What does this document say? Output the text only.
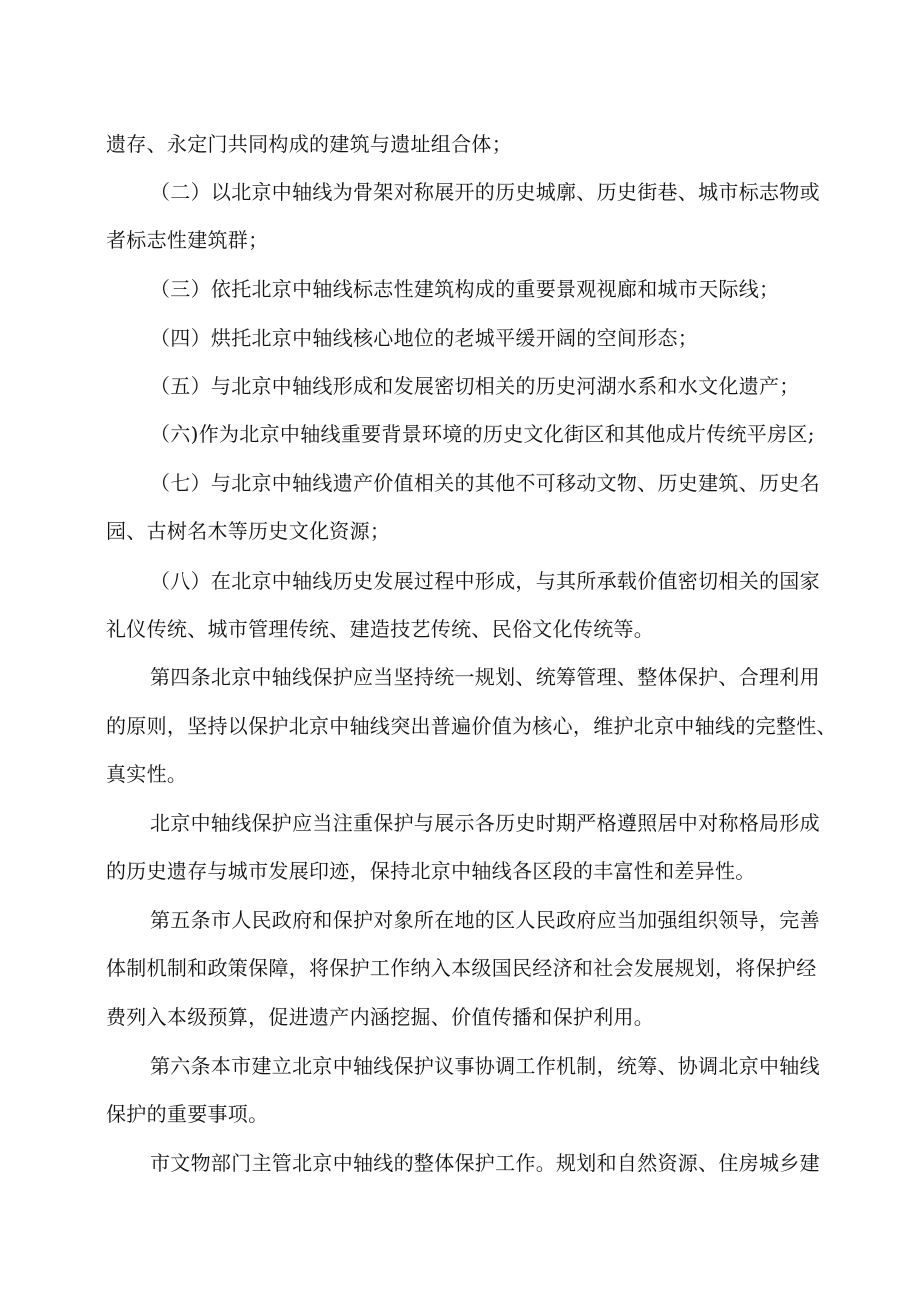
遗存、永定门共同构成的建筑与遗址组合体；
（二）以北京中轴线为骨架对称展开的历史城廓、历史街巷、城市标志物或
者标志性建筑群；
（三）依托北京中轴线标志性建筑构成的重要景观视廊和城市天际线；
（四）烘托北京中轴线核心地位的老城平缓开阔的空间形态；
（五）与北京中轴线形成和发展密切相关的历史河湖水系和水文化遗产；
（六)作为北京中轴线重要背景环境的历史文化街区和其他成片传统平房区;
（七）与北京中轴线遗产价值相关的其他不可移动文物、历史建筑、历史名
园、古树名木等历史文化资源；
（八）在北京中轴线历史发展过程中形成，与其所承载价值密切相关的国家
礼仪传统、城市管理传统、建造技艺传统、民俗文化传统等。
第四条北京中轴线保护应当坚持统一规划、统筹管理、整体保护、合理利用
的原则，坚持以保护北京中轴线突出普遍价值为核心，维护北京中轴线的完整性、
真实性。
北京中轴线保护应当注重保护与展示各历史时期严格遵照居中对称格局形成
的历史遗存与城市发展印迹，保持北京中轴线各区段的丰富性和差异性。
第五条市人民政府和保护对象所在地的区人民政府应当加强组织领导，完善
体制机制和政策保障，将保护工作纳入本级国民经济和社会发展规划，将保护经
费列入本级预算，促进遗产内涵挖掘、价值传播和保护利用。
第六条本市建立北京中轴线保护议事协调工作机制，统筹、协调北京中轴线
保护的重要事项。
市文物部门主管北京中轴线的整体保护工作。规划和自然资源、住房城乡建
